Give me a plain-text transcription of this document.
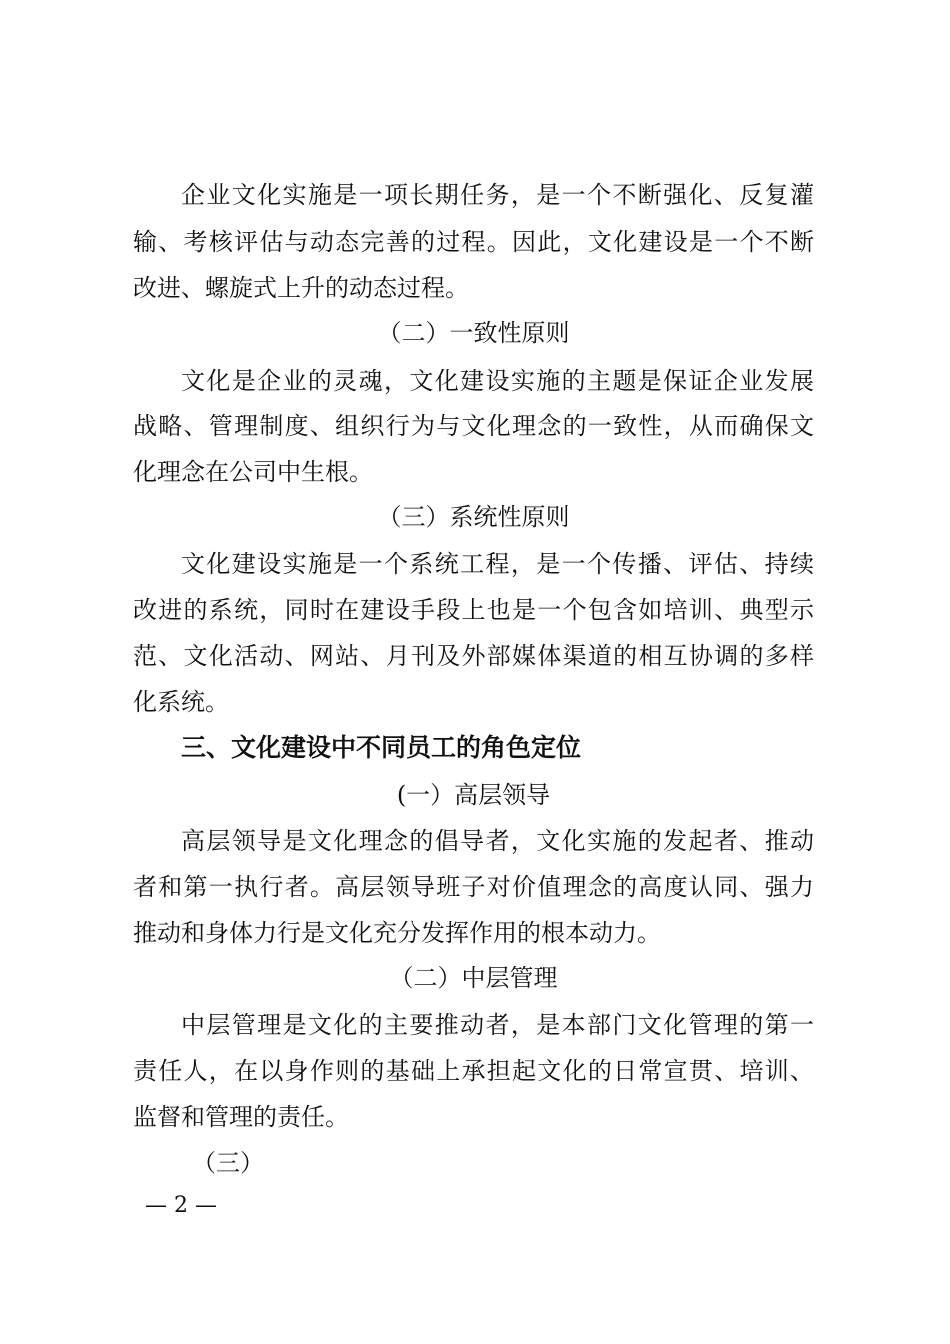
企业文化实施是一项长期任务，是一个不断强化、反复灌
输、考核评估与动态完善的过程。因此，文化建设是一个不断
改进、螺旋式上升的动态过程。
（二）一致性原则
文化是企业的灵魂，文化建设实施的主题是保证企业发展
战略、管理制度、组织行为与文化理念的一致性，从而确保文
化理念在公司中生根。
（三）系统性原则
文化建设实施是一个系统工程，是一个传播、评估、持续
改进的系统，同时在建设手段上也是一个包含如培训、典型示
范、文化活动、网站、月刊及外部媒体渠道的相互协调的多样
化系统。
三、文化建设中不同员工的角色定位
(一）高层领导
高层领导是文化理念的倡导者，文化实施的发起者、推动
者和第一执行者。高层领导班子对价值理念的高度认同、强力
推动和身体力行是文化充分发挥作用的根本动力。
（二）中层管理
中层管理是文化的主要推动者，是本部门文化管理的第一
责任人，在以身作则的基础上承担起文化的日常宣贯、培训、
监督和管理的责任。
（三）
— 2 —
